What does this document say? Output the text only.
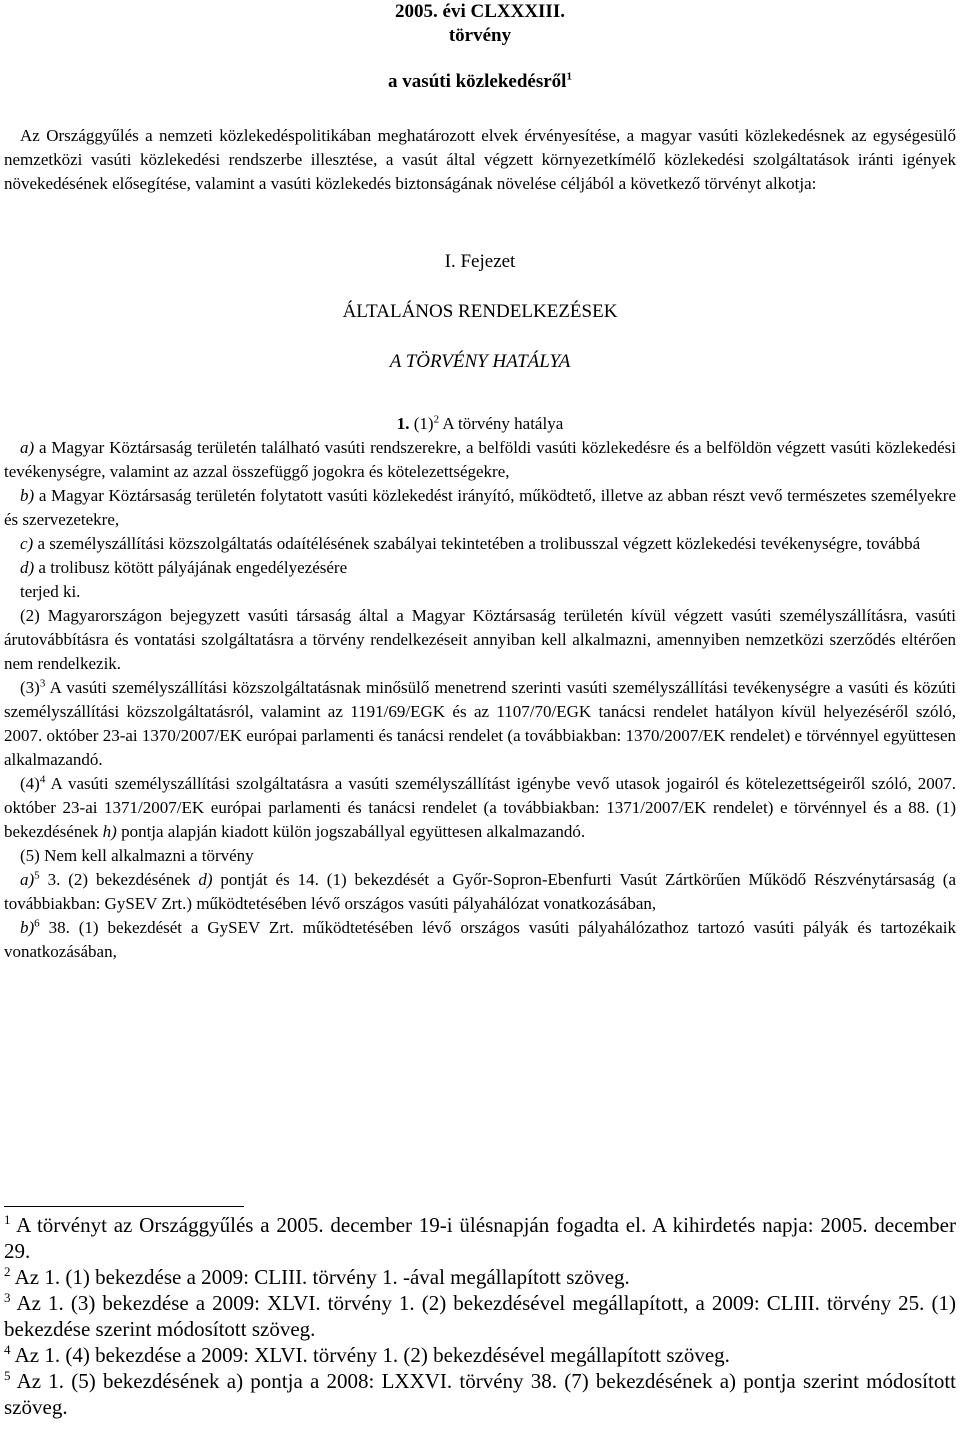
2005. évi CLXXXIII.
törvény
a vasúti közlekedésről$^1$

Az Országgyűlés a nemzeti közlekedéspolitikában meghatározott elvek érvényesítése, a magyar vasúti közlekedésnek az egységesülő nemzetközi vasúti közlekedési rendszerbe illesztése, a vasút által végzett környezetkímélő közlekedési szolgáltatások iránti igények növekedésének elősegítése, valamint a vasúti közlekedés biztonságának növelése céljából a következő törvényt alkotja:

I. Fejezet
ÁLTALÁNOS RENDELKEZÉSEK
A TÖRVÉNY HATÁLYA

1. $(1)^2$ A törvény hatálya

a) a Magyar Köztársaság területén található vasúti rendszerekre, a belföldi vasúti közlekedésre és a belföldön végzett vasúti közlekedési tevékenységre, valamint az azzal összefüggő jogokra és kötelezettségekre,

b) a Magyar Köztársaság területén folytatott vasúti közlekedést irányító, működtető, illetve az abban részt vevő természetes személyekre és szervezetekre,

c) a személyszállítási közszolgáltatás odaítélésének szabályai tekintetében a trolibusszal végzett közlekedési tevékenységre, továbbá

d) a trolibusz kötött pályájának engedélyezésére

terjed ki.

(2) Magyarországon bejegyzett vasúti társaság által a Magyar Köztársaság területén kívül végzett vasúti személyszállításra, vasúti árutovábbításra és vontatási szolgáltatásra a törvény rendelkezéseit annyiban kell alkalmazni, amennyiben nemzetközi szerződés eltérően nem rendelkezik.

$(3)^3$ A vasúti személyszállítási közszolgáltatásnak minősülő menetrend szerinti vasúti személyszállítási tevékenységre a vasúti és közúti személyszállítási közszolgáltatásról, valamint az 1191/69/EGK és az 1107/70/EGK tanácsi rendelet hatályon kívül helyezéséről szóló, 2007. október 23-ai 1370/2007/EK európai parlamenti és tanácsi rendelet (a továbbiakban: 1370/2007/EK rendelet) e törvénnyel együttesen alkalmazandó.

$(4)^4$ A vasúti személyszállítási szolgáltatásra a vasúti személyszállítást igénybe vevő utasok jogairól és kötelezettségeiről szóló, 2007. október 23-ai 1371/2007/EK európai parlamenti és tanácsi rendelet (a továbbiakban: 1371/2007/EK rendelet) e törvénnyel és a 88. (1) bekezdésének h) pontja alapján kiadott külön jogszabállyal együttesen alkalmazandó.

(5) Nem kell alkalmazni a törvény

a)$^5$ 3. (2) bekezdésének d) pontját és 14. (1) bekezdését a Győr-Sopron-Ebenfurti Vasút Zártkörűen Működő Részvénytársaság (a továbbiakban: GySEV Zrt.) működtetésében lévő országos vasúti pályahálózat vonatkozásában,

b)$^6$ 38. (1) bekezdését a GySEV Zrt. működtetésében lévő országos vasúti pályahálózathoz tartozó vasúti pályák és tartozékaik vonatkozásában,

$^1$ A törvényt az Országgyűlés a 2005. december 19-i ülésnapján fogadta el. A kihirdetés napja: 2005. december 29.

$^2$ Az 1. (1) bekezdése a 2009: CLIII. törvény 1. -ával megállapított szöveg.

$^3$ Az 1. (3) bekezdése a 2009: XLVI. törvény 1. (2) bekezdésével megállapított, a 2009: CLIII. törvény 25. (1) bekezdése szerint módosított szöveg.

$^4$ Az 1. (4) bekezdése a 2009: XLVI. törvény 1. (2) bekezdésével megállapított szöveg.

$^5$ Az 1. (5) bekezdésének a) pontja a 2008: LXXVI. törvény 38. (7) bekezdésének a) pontja szerint módosított szöveg.
